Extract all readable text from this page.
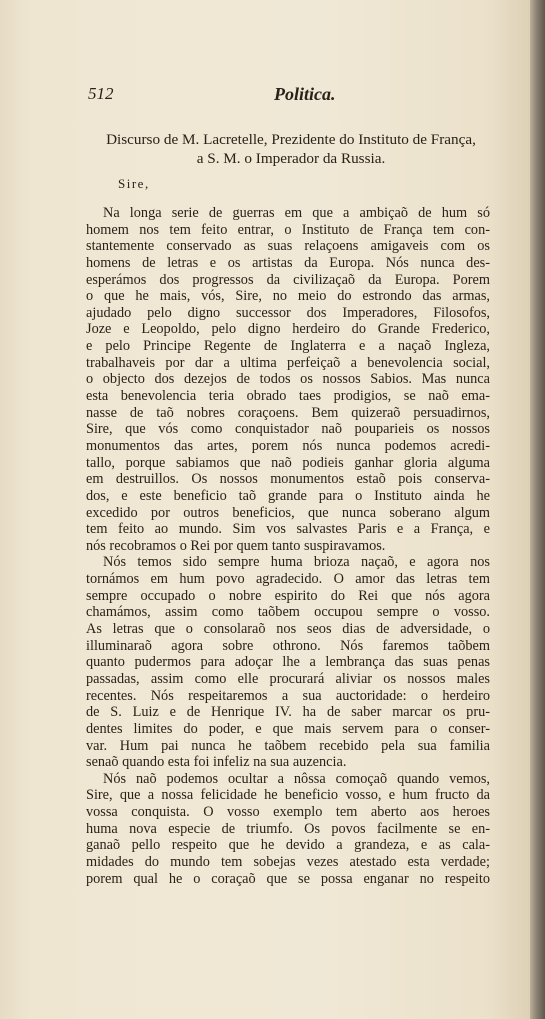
512	Politica.
Discurso de M. Lacretelle, Prezidente do Instituto de França,
a S. M. o Imperador da Russia.
Sire,
Na longa serie de guerras em que a ambiçaõ de hum só
homem nos tem feito entrar, o Instituto de França tem con-
stantemente conservado as suas relaçoens amigaveis com os
homens de letras e os artistas da Europa. Nós nunca des-
esperámos dos progressos da civilizaçaõ da Europa. Porem
o que he mais, vós, Sire, no meio do estrondo das armas,
ajudado pelo digno successor dos Imperadores, Filosofos,
Joze e Leopoldo, pelo digno herdeiro do Grande Frederico,
e pelo Principe Regente de Inglaterra e a naçaõ Ingleza,
trabalhaveis por dar a ultima perfeiçaõ a benevolencia social,
o objecto dos dezejos de todos os nossos Sabios. Mas nunca
esta benevolencia teria obrado taes prodigios, se naõ ema-
nasse de taõ nobres coraçoens. Bem quizeraõ persuadirnos,
Sire, que vós como conquistador naõ pouparieis os nossos
monumentos das artes, porem nós nunca podemos acredi-
tallo, porque sabiamos que naõ podieis ganhar gloria alguma
em destruillos. Os nossos monumentos estaõ pois conserva-
dos, e este beneficio taõ grande para o Instituto ainda he
excedido por outros beneficios, que nunca soberano algum
tem feito ao mundo. Sim vos salvastes Paris e a França, e
nós recobramos o Rei por quem tanto suspiravamos.
Nós temos sido sempre huma brioza naçaõ, e agora nos
tornámos em hum povo agradecido. O amor das letras tem
sempre occupado o nobre espirito do Rei que nós agora
chamámos, assim como taõbem occupou sempre o vosso.
As letras que o consolaraõ nos seos dias de adversidade, o
illuminaraõ agora sobre othrono. Nós faremos taõbem
quanto pudermos para adoçar lhe a lembrança das suas penas
passadas, assim como elle procurará aliviar os nossos males
recentes. Nós respeitaremos a sua auctoridade: o herdeiro
de S. Luiz e de Henrique IV. ha de saber marcar os pru-
dentes limites do poder, e que mais servem para o conser-
var. Hum pai nunca he taõbem recebido pela sua familia
senaõ quando esta foi infeliz na sua auzencia.
Nós naõ podemos ocultar a nôssa comoçaõ quando vemos,
Sire, que a nossa felicidade he beneficio vosso, e hum fructo da
vossa conquista. O vosso exemplo tem aberto aos heroes
huma nova especie de triumfo. Os povos facilmente se en-
ganaõ pello respeito que he devido a grandeza, e as cala-
midades do mundo tem sobejas vezes atestado esta verdade;
porem qual he o coraçaõ que se possa enganar no respeito
